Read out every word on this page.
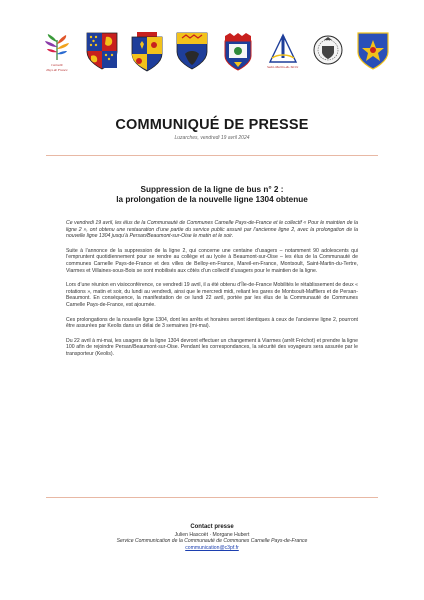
Carnelle
Pays de France
Saint-Martin-du-Tertre
COMMUNIQUÉ DE PRESSE
Luzarches, vendredi 19 avril 2024
Suppression de la ligne de bus n° 2 :
la prolongation de la nouvelle ligne 1304 obtenue

Ce vendredi 19 avril, les élus de la Communauté de Communes Carnelle Pays-de-France et le collectif « Pour le maintien de la ligne 2 », ont obtenu une restauration d’une partie du service public assuré par l’ancienne ligne 2, avec la prolongation de la nouvelle ligne 1304 jusqu’à Persan/Beaumont-sur-Oise le matin et le soir.

Suite à l’annonce de la suppression de la ligne 2, qui concerne une centaine d’usagers – notamment 90 adolescents qui l’empruntent quotidiennement pour se rendre au collège et au lycée à Beaumont-sur-Oise – les élus de la Communauté de communes Carnelle Pays-de-France et des villes de Belloy-en-France, Mareil-en-France, Montsoult, Saint-Martin-du-Tertre, Viarmes et Villaines-sous-Bois se sont mobilisés aux côtés d’un collectif d’usagers pour le maintien de la ligne.

Lors d’une réunion en visioconférence, ce vendredi 19 avril, il a été obtenu d’Île-de-France Mobilités le rétablissement de deux « rotations », matin et soir, du lundi au vendredi, ainsi que le mercredi midi, reliant les gares de Montsoult-Maffliers et de Persan-Beaumont. En conséquence, la manifestation de ce lundi 22 avril, portée par les élus de la Communauté de Communes Carnelle Pays-de-France, est ajournée.

Ces prolongations de la nouvelle ligne 1304, dont les arrêts et horaires seront identiques à ceux de l’ancienne ligne 2, pourront être assurées par Keolis dans un délai de 3 semaines (mi-mai).

Du 22 avril à mi-mai, les usagers de la ligne 1304 devront effectuer un changement à Viarmes (arrêt Fréchot) et prendre la ligne 100 afin de rejoindre Persan/Beaumont-sur-Oise. Pendant les correspondances, la sécurité des voyageurs sera assurée par le transporteur (Keolis).

Contact presse
Julien Hascoët · Morgane Hubert
Service Communication de la Communauté de Communes Carnelle Pays-de-France
communication@c3pf.fr
